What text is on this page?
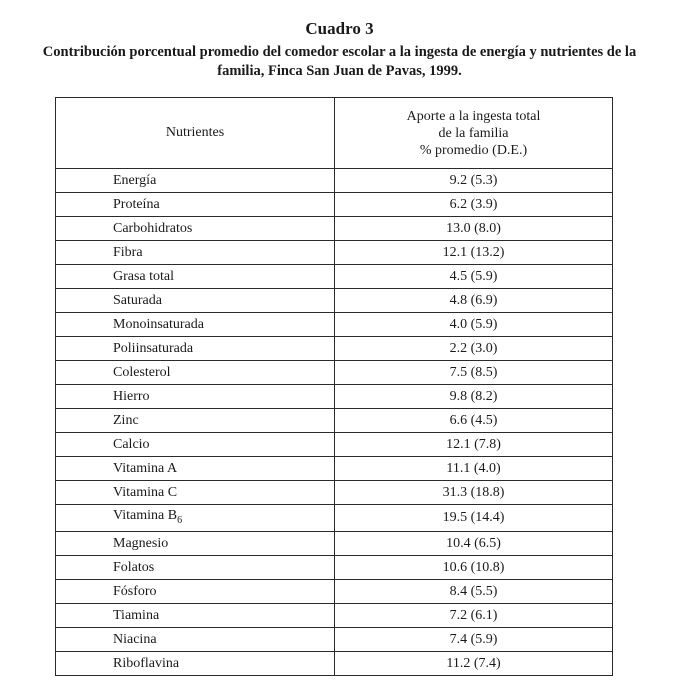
Cuadro 3
Contribución porcentual promedio del comedor escolar a la ingesta de energía y nutrientes de la
familia, Finca San Juan de Pavas, 1999.
Nutrientes	Aporte a la ingesta total
de la familia
% promedio (D.E.)

Energía	9.2 (5.3)
Proteína	6.2 (3.9)
Carbohidratos	13.0 (8.0)
Fibra	12.1 (13.2)
Grasa total	4.5 (5.9)
Saturada	4.8 (6.9)
Monoinsaturada	4.0 (5.9)
Poliinsaturada	2.2 (3.0)
Colesterol	7.5 (8.5)
Hierro	9.8 (8.2)
Zinc	6.6 (4.5)
Calcio	12.1 (7.8)
Vitamina A	11.1 (4.0)
Vitamina C	31.3 (18.8)
Vitamina $B_6$	19.5 (14.4)
Magnesio	10.4 (6.5)
Folatos	10.6 (10.8)
Fósforo	8.4 (5.5)
Tiamina	7.2 (6.1)
Niacina	7.4 (5.9)
Riboflavina	11.2 (7.4)
